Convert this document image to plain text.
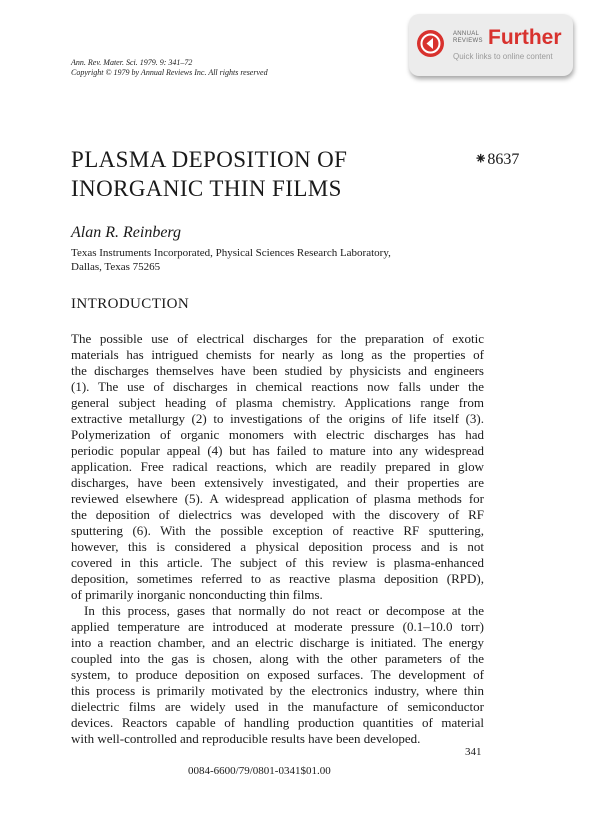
Ann. Rev. Mater. Sci. 1979. 9: 341–72
Copyright © 1979 by Annual Reviews Inc. All rights reserved
ANNUAL
REVIEWS Further
Quick links to online content
PLASMA DEPOSITION OF
INORGANIC THIN FILMS
⁕8637
Alan R. Reinberg
Texas Instruments Incorporated, Physical Sciences Research Laboratory,
Dallas, Texas 75265
INTRODUCTION
The possible use of electrical discharges for the preparation of exotic
materials has intrigued chemists for nearly as long as the properties of
the discharges themselves have been studied by physicists and engineers
(1). The use of discharges in chemical reactions now falls under the
general subject heading of plasma chemistry. Applications range from
extractive metallurgy (2) to investigations of the origins of life itself (3).
Polymerization of organic monomers with electric discharges has had
periodic popular appeal (4) but has failed to mature into any widespread
application. Free radical reactions, which are readily prepared in glow
discharges, have been extensively investigated, and their properties are
reviewed elsewhere (5). A widespread application of plasma methods for
the deposition of dielectrics was developed with the discovery of RF
sputtering (6). With the possible exception of reactive RF sputtering,
however, this is considered a physical deposition process and is not
covered in this article. The subject of this review is plasma-enhanced
deposition, sometimes referred to as reactive plasma deposition (RPD),
of primarily inorganic nonconducting thin films.
In this process, gases that normally do not react or decompose at the
applied temperature are introduced at moderate pressure (0.1–10.0 torr)
into a reaction chamber, and an electric discharge is initiated. The energy
coupled into the gas is chosen, along with the other parameters of the
system, to produce deposition on exposed surfaces. The development of
this process is primarily motivated by the electronics industry, where thin
dielectric films are widely used in the manufacture of semiconductor
devices. Reactors capable of handling production quantities of material
with well-controlled and reproducible results have been developed.
341
0084-6600/79/0801-0341$01.00
